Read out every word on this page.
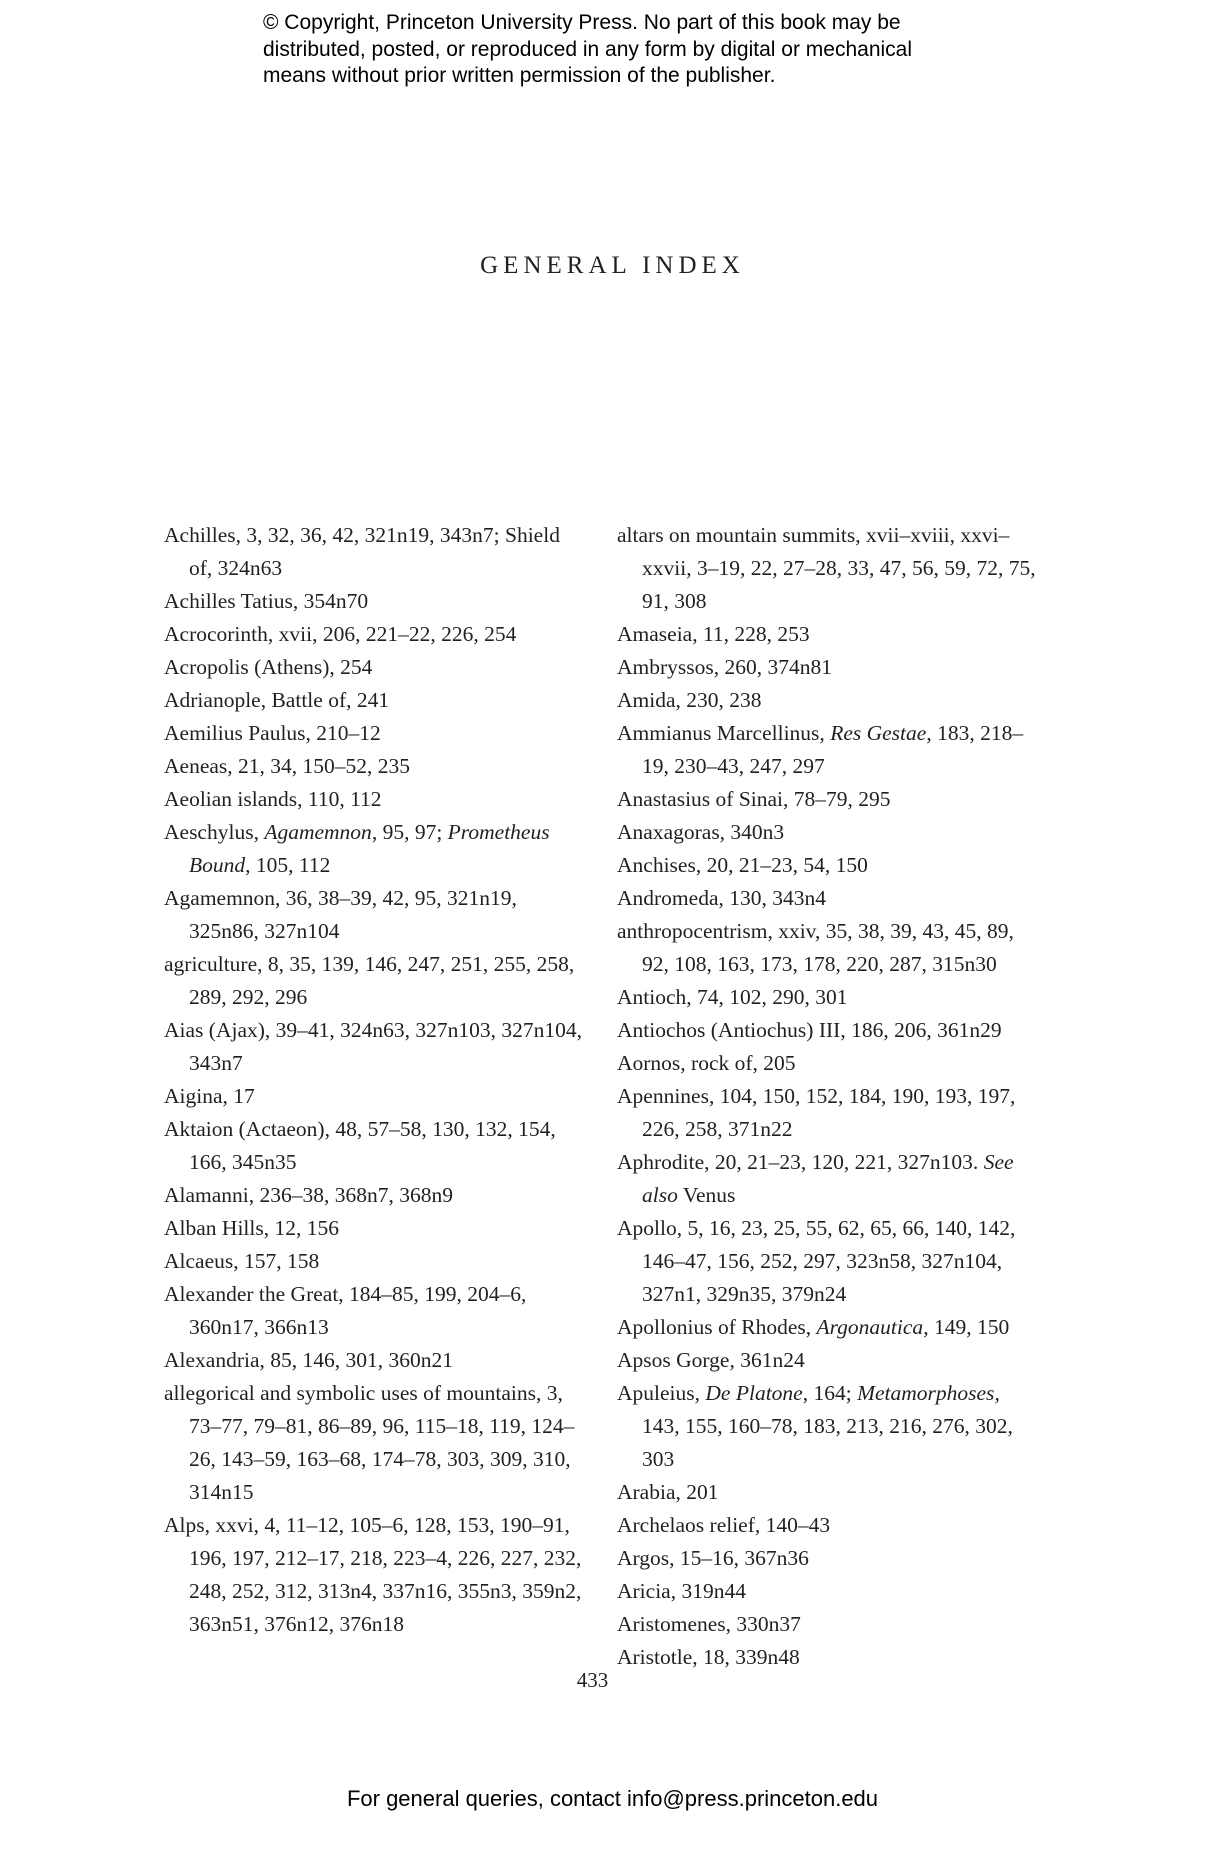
© Copyright, Princeton University Press. No part of this book may be
distributed, posted, or reproduced in any form by digital or mechanical
means without prior written permission of the publisher.
GENERAL INDEX

Achilles, 3, 32, 36, 42, 321n19, 343n7; Shield of, 324n63

Achilles Tatius, 354n70

Acrocorinth, xvii, 206, 221–22, 226, 254

Acropolis (Athens), 254

Adrianople, Battle of, 241

Aemilius Paulus, 210–12

Aeneas, 21, 34, 150–52, 235

Aeolian islands, 110, 112

Aeschylus, Agamemnon, 95, 97; Prometheus Bound, 105, 112

Agamemnon, 36, 38–39, 42, 95, 321n19, 325n86, 327n104

agriculture, 8, 35, 139, 146, 247, 251, 255, 258, 289, 292, 296

Aias (Ajax), 39–41, 324n63, 327n103, 327n104, 343n7

Aigina, 17

Aktaion (Actaeon), 48, 57–58, 130, 132, 154, 166, 345n35

Alamanni, 236–38, 368n7, 368n9

Alban Hills, 12, 156

Alcaeus, 157, 158

Alexander the Great, 184–85, 199, 204–6, 360n17, 366n13

Alexandria, 85, 146, 301, 360n21

allegorical and symbolic uses of mountains, 3, 73–77, 79–81, 86–89, 96, 115–18, 119, 124–26, 143–59, 163–68, 174–78, 303, 309, 310, 314n15

Alps, xxvi, 4, 11–12, 105–6, 128, 153, 190–91, 196, 197, 212–17, 218, 223–4, 226, 227, 232, 248, 252, 312, 313n4, 337n16, 355n3, 359n2, 363n51, 376n12, 376n18

altars on mountain summits, xvii–xviii, xxvi–xxvii, 3–19, 22, 27–28, 33, 47, 56, 59, 72, 75, 91, 308

Amaseia, 11, 228, 253

Ambryssos, 260, 374n81

Amida, 230, 238

Ammianus Marcellinus, Res Gestae, 183, 218–19, 230–43, 247, 297

Anastasius of Sinai, 78–79, 295

Anaxagoras, 340n3

Anchises, 20, 21–23, 54, 150

Andromeda, 130, 343n4

anthropocentrism, xxiv, 35, 38, 39, 43, 45, 89, 92, 108, 163, 173, 178, 220, 287, 315n30

Antioch, 74, 102, 290, 301

Antiochos (Antiochus) III, 186, 206, 361n29

Aornos, rock of, 205

Apennines, 104, 150, 152, 184, 190, 193, 197, 226, 258, 371n22

Aphrodite, 20, 21–23, 120, 221, 327n103. See also Venus

Apollo, 5, 16, 23, 25, 55, 62, 65, 66, 140, 142, 146–47, 156, 252, 297, 323n58, 327n104, 327n1, 329n35, 379n24

Apollonius of Rhodes, Argonautica, 149, 150

Apsos Gorge, 361n24

Apuleius, De Platone, 164; Metamorphoses, 143, 155, 160–78, 183, 213, 216, 276, 302, 303

Arabia, 201

Archelaos relief, 140–43

Argos, 15–16, 367n36

Aricia, 319n44

Aristomenes, 330n37

Aristotle, 18, 339n48

433
For general queries, contact info@press.princeton.edu
